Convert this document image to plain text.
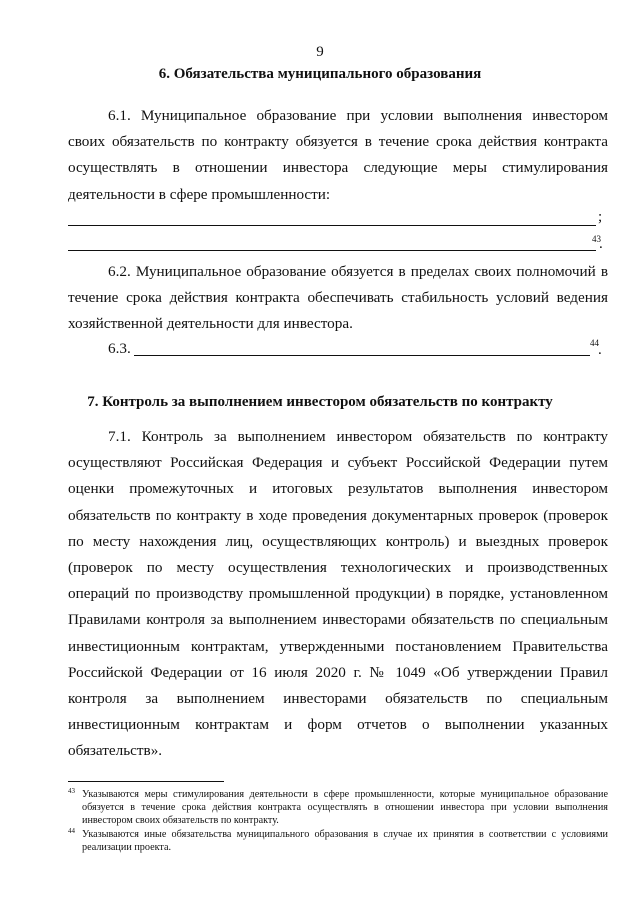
9
6. Обязательства муниципального образования

6.1. Муниципальное образование при условии выполнения инвестором своих обязательств по контракту обязуется в течение срока действия контракта осуществлять в отношении инвестора следующие меры стимулирования деятельности в сфере промышленности:

;
43
.

6.2. Муниципальное образование обязуется в пределах своих полномочий в течение срока действия контракта обеспечивать стабильность условий ведения хозяйственной деятельности для инвестора.

6.3.	44 .
7. Контроль за выполнением инвестором обязательств по контракту

7.1. Контроль за выполнением инвестором обязательств по контракту осуществляют Российская Федерация и субъект Российской Федерации путем оценки промежуточных и итоговых результатов выполнения инвестором обязательств по контракту в ходе проведения документарных проверок (проверок по месту нахождения лиц, осуществляющих контроль) и выездных проверок (проверок по месту осуществления технологических и производственных операций по производству промышленной продукции) в порядке, установленном Правилами контроля за выполнением инвесторами обязательств по специальным инвестиционным контрактам, утвержденными постановлением Правительства Российской Федерации от 16 июля 2020 г. № 1049 «Об утверждении Правил контроля за выполнением инвесторами обязательств по специальным инвестиционным контрактам и форм отчетов о выполнении указанных обязательств».

43 Указываются меры стимулирования деятельности в сфере промышленности, которые муниципальное образование обязуется в течение срока действия контракта осуществлять в отношении инвестора при условии выполнения инвестором своих обязательств по контракту.
44 Указываются иные обязательства муниципального образования в случае их принятия в соответствии с условиями реализации проекта.
